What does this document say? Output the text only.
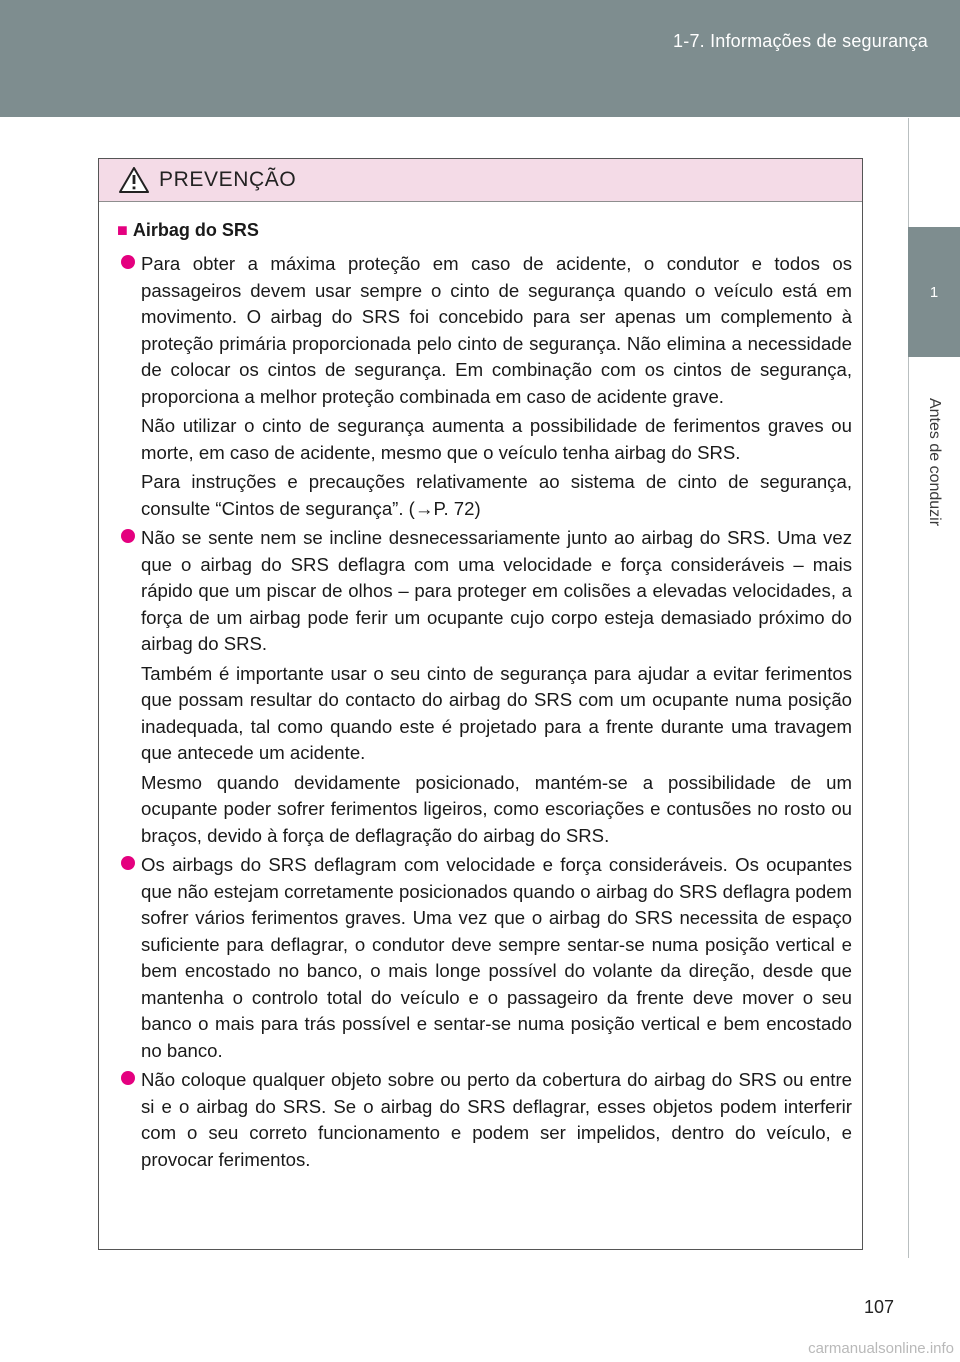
1-7. Informações de segurança
1
Antes de conduzir
PREVENÇÃO
■ Airbag do SRS

Para obter a máxima proteção em caso de acidente, o condutor e todos os passageiros devem usar sempre o cinto de segurança quando o veículo está em movimento. O airbag do SRS foi concebido para ser apenas um complemento à proteção primária proporcionada pelo cinto de segurança. Não elimina a necessidade de colocar os cintos de segurança. Em combinação com os cintos de segurança, proporciona a melhor proteção combinada em caso de acidente grave.

Não utilizar o cinto de segurança aumenta a possibilidade de ferimentos graves ou morte, em caso de acidente, mesmo que o veículo tenha airbag do SRS.

Para instruções e precauções relativamente ao sistema de cinto de segurança, consulte “Cintos de segurança”. (→P. 72)

Não se sente nem se incline desnecessariamente junto ao airbag do SRS. Uma vez que o airbag do SRS deflagra com uma velocidade e força consideráveis – mais rápido que um piscar de olhos – para proteger em colisões a elevadas velocidades, a força de um airbag pode ferir um ocupante cujo corpo esteja demasiado próximo do airbag do SRS.

Também é importante usar o seu cinto de segurança para ajudar a evitar ferimentos que possam resultar do contacto do airbag do SRS com um ocupante numa posição inadequada, tal como quando este é projetado para a frente durante uma travagem que antecede um acidente.

Mesmo quando devidamente posicionado, mantém-se a possibilidade de um ocupante poder sofrer ferimentos ligeiros, como escoriações e contusões no rosto ou braços, devido à força de deflagração do airbag do SRS.

Os airbags do SRS deflagram com velocidade e força consideráveis. Os ocupantes que não estejam corretamente posicionados quando o airbag do SRS deflagra podem sofrer vários ferimentos graves. Uma vez que o airbag do SRS necessita de espaço suficiente para deflagrar, o condutor deve sempre sentar-se numa posição vertical e bem encostado no banco, o mais longe possível do volante da direção, desde que mantenha o controlo total do veículo e o passageiro da frente deve mover o seu banco o mais para trás possível e sentar-se numa posição vertical e bem encostado no banco.

Não coloque qualquer objeto sobre ou perto da cobertura do airbag do SRS ou entre si e o airbag do SRS. Se o airbag do SRS deflagrar, esses objetos podem interferir com o seu correto funcionamento e podem ser impelidos, dentro do veículo, e provocar ferimentos.

107
carmanualsonline.info
